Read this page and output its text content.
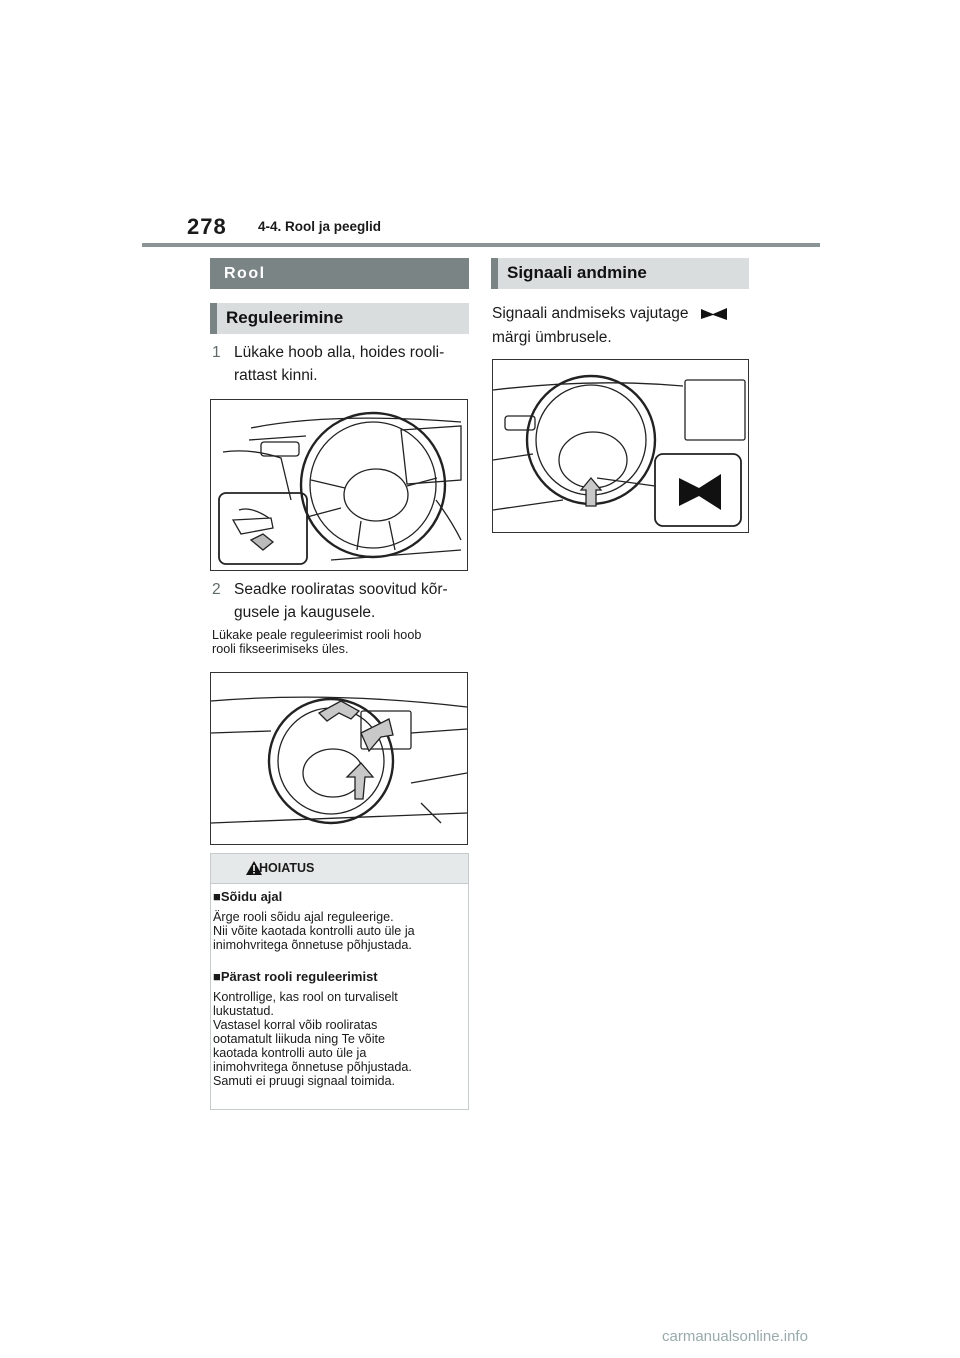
278 4-4. Rool ja peeglid
Rool
Reguleerimine
1 Lükake hoob alla, hoides rooli-
rattast kinni.
2 Seadke rooliratas soovitud kõr-
gusele ja kaugusele.
Lükake peale reguleerimist rooli hoob
rooli fikseerimiseks üles.
HOIATUS
■Sõidu ajal
Ärge rooli sõidu ajal reguleerige.
Nii võite kaotada kontrolli auto üle ja
inimohvritega õnnetuse põhjustada.
■Pärast rooli reguleerimist
Kontrollige, kas rool on turvaliselt
lukustatud.
Vastasel korral võib rooliratas
ootamatult liikuda ning Te võite
kaotada kontrolli auto üle ja
inimohvritega õnnetuse põhjustada.
Samuti ei pruugi signaal toimida.
Signaali andmine
Signaali andmiseks vajutage
märgi ümbrusele.
carmanualsonline.info
